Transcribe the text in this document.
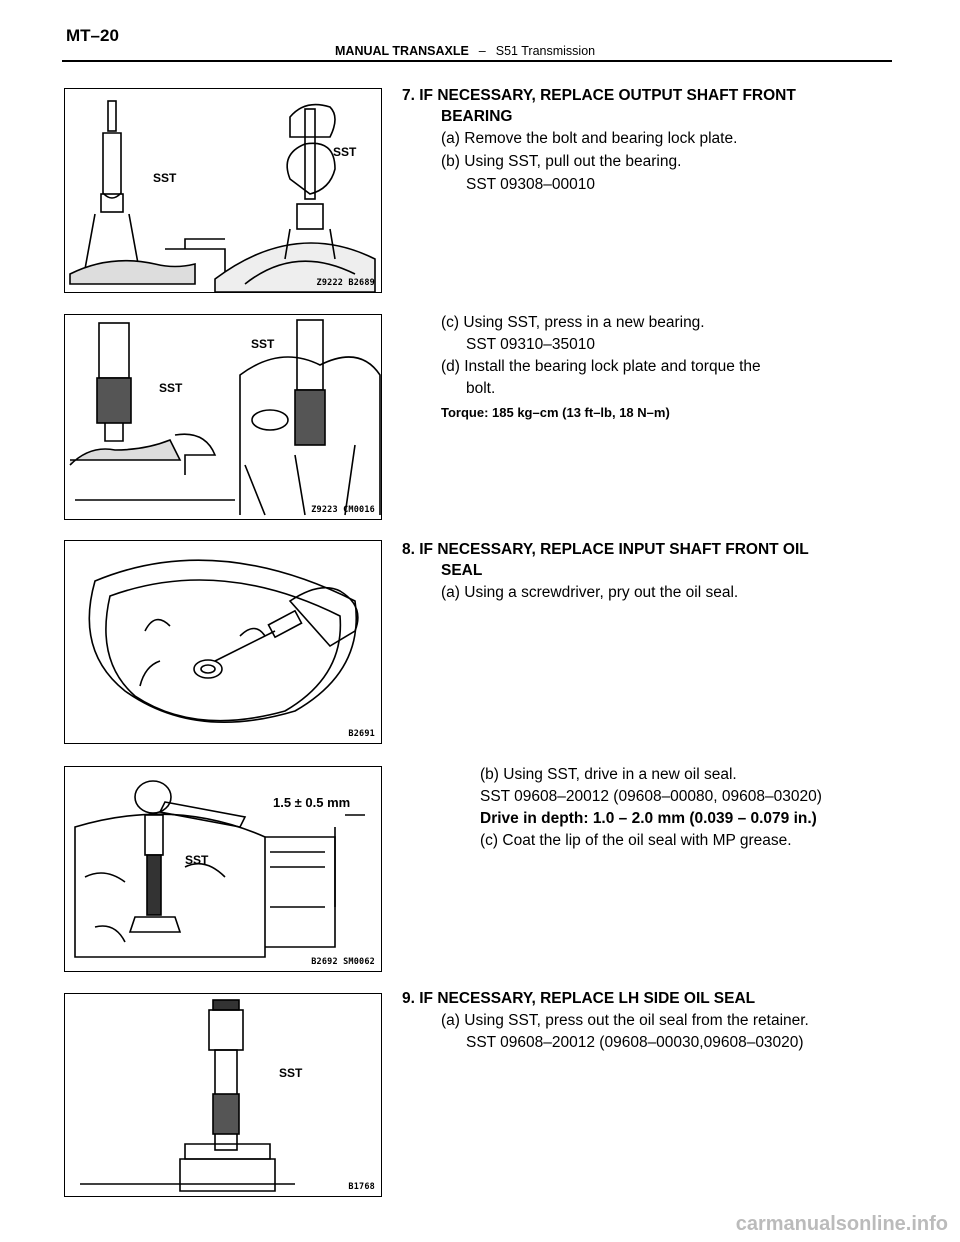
MT–20
MANUAL TRANSAXLE – S51 Transmission
SST
SST
Z9222 B2689
SST
SST
Z9223 CM0016
B2691
1.5 ± 0.5 mm
SST
B2692 SM0062
SST
B1768
7. IF NECESSARY, REPLACE OUTPUT SHAFT FRONT
BEARING
(a) Remove the bolt and bearing lock plate.
(b) Using SST, pull out the bearing.
SST 09308–00010
(c) Using SST, press in a new bearing.
SST 09310–35010
(d) Install the bearing lock plate and torque the
bolt.
Torque: 185 kg–cm (13 ft–lb, 18 N–m)
8. IF NECESSARY, REPLACE INPUT SHAFT FRONT OIL
SEAL
(a) Using a screwdriver, pry out the oil seal.
(b) Using SST, drive in a new oil seal.
SST 09608–20012 (09608–00080, 09608–03020)
Drive in depth: 1.0 – 2.0 mm (0.039 – 0.079 in.)
(c) Coat the lip of the oil seal with MP grease.
9. IF NECESSARY, REPLACE LH SIDE OIL SEAL
(a) Using SST, press out the oil seal from the retainer.
SST 09608–20012 (09608–00030,09608–03020)
carmanualsonline.info
